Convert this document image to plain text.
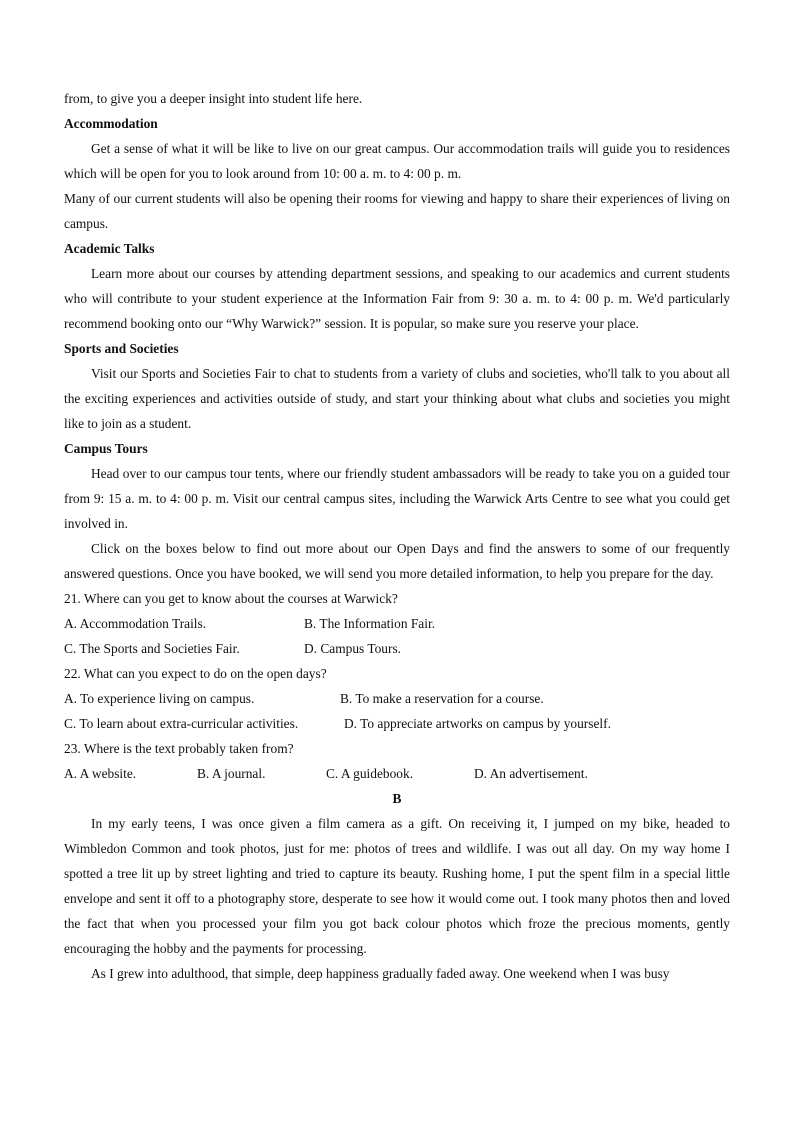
from, to give you a deeper insight into student life here.

Accommodation

Get a sense of what it will be like to live on our great campus. Our accommodation trails will guide you to residences which will be open for you to look around from 10: 00 a. m. to 4: 00 p. m.

Many of our current students will also be opening their rooms for viewing and happy to share their experiences of living on campus.

Academic Talks

Learn more about our courses by attending department sessions, and speaking to our academics and current students who will contribute to your student experience at the Information Fair from 9: 30 a. m. to 4: 00 p. m. We'd particularly recommend booking onto our “Why Warwick?” session. It is popular, so make sure you reserve your place.

Sports and Societies

Visit our Sports and Societies Fair to chat to students from a variety of clubs and societies, who'll talk to you about all the exciting experiences and activities outside of study, and start your thinking about what clubs and societies you might like to join as a student.

Campus Tours

Head over to our campus tour tents, where our friendly student ambassadors will be ready to take you on a guided tour from 9: 15 a. m. to 4: 00 p. m. Visit our central campus sites, including the Warwick Arts Centre to see what you could get involved in.

Click on the boxes below to find out more about our Open Days and find the answers to some of our frequently answered questions. Once you have booked, we will send you more detailed information, to help you prepare for the day.

21. Where can you get to know about the courses at Warwick?

A. Accommodation Trails.	B. The Information Fair.
C. The Sports and Societies Fair.	D. Campus Tours.

22. What can you expect to do on the open days?

A. To experience living on campus.	B. To make a reservation for a course.
C. To learn about extra-curricular activities.	D. To appreciate artworks on campus by yourself.

23. Where is the text probably taken from?

A. A website.	B. A journal.	C. A guidebook.	D. An advertisement.

B

In my early teens, I was once given a film camera as a gift. On receiving it, I jumped on my bike, headed to Wimbledon Common and took photos, just for me: photos of trees and wildlife. I was out all day. On my way home I spotted a tree lit up by street lighting and tried to capture its beauty. Rushing home, I put the spent film in a special little envelope and sent it off to a photography store, desperate to see how it would come out. I took many photos then and loved the fact that when you processed your film you got back colour photos which froze the precious moments, gently encouraging the hobby and the payments for processing.

As I grew into adulthood, that simple, deep happiness gradually faded away. One weekend when I was busy
